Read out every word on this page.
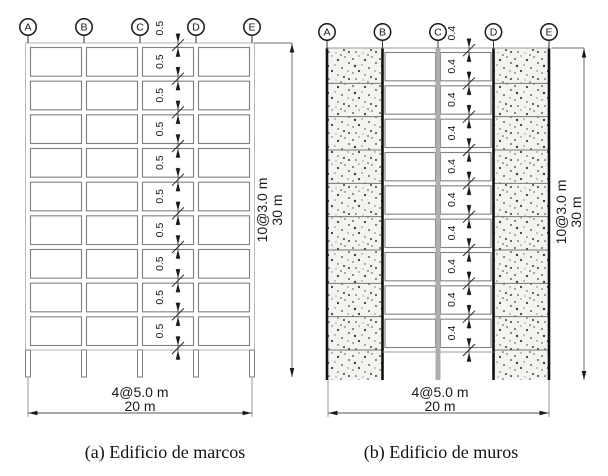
A	B	C	D	E
0.5
0.5
0.5
0.5
0.5
0.5
0.5
0.5
0.5
0.5
10@3.0 m 30 m
4@5.0 m
20 m
A	B	C	D	E
0.4
0.4
0.4
0.4
0.4
0.4
0.4
0.4
0.4
0.4
10@3.0 m 30 m
4@5.0 m
20 m
(a) Edificio de marcos	(b) Edificio de muros
